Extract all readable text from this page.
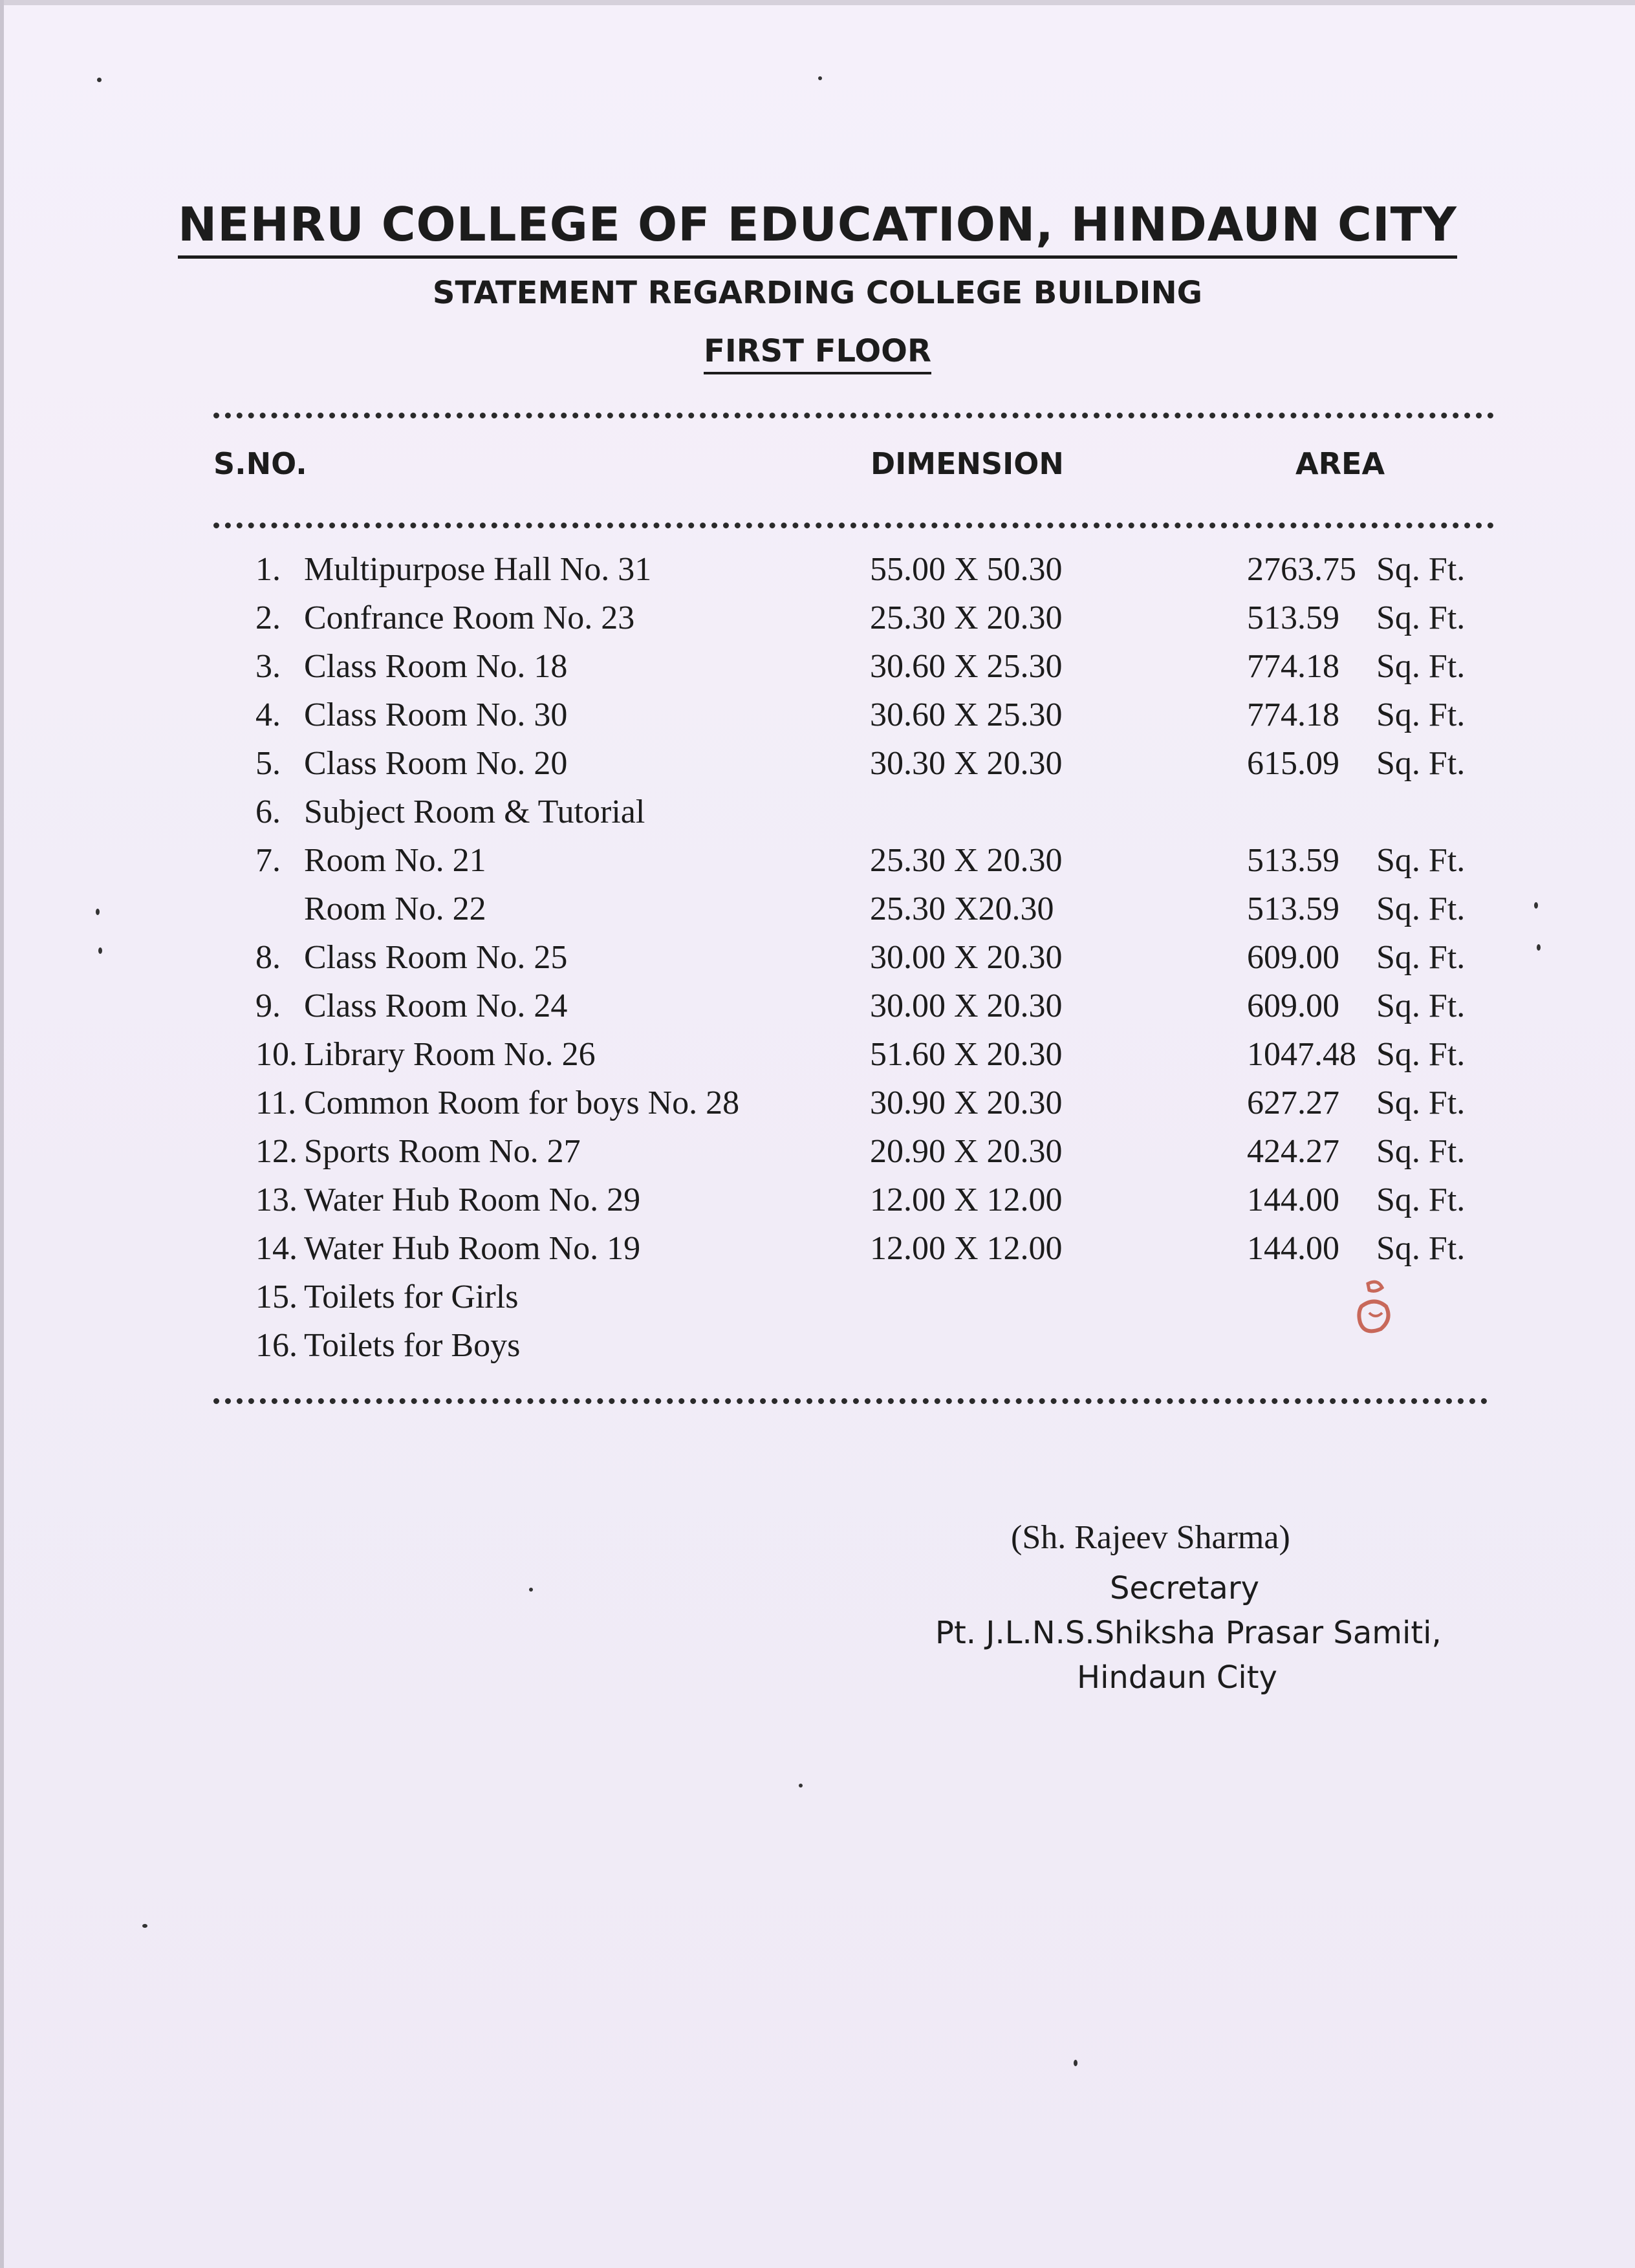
NEHRU COLLEGE OF EDUCATION, HINDAUN CITY
STATEMENT REGARDING COLLEGE BUILDING
FIRST FLOOR
S.NO.	DIMENSION	AREA
1. Multipurpose Hall No. 31	55.00 X 50.30	2763.75 Sq. Ft.
2. Confrance Room No. 23	25.30 X 20.30	513.59 Sq. Ft.
3. Class Room No. 18	30.60 X 25.30	774.18 Sq. Ft.
4. Class Room No. 30	30.60 X 25.30	774.18 Sq. Ft.
5. Class Room No. 20	30.30 X 20.30	615.09 Sq. Ft.
6. Subject Room & Tutorial
7. Room No. 21	25.30 X 20.30	513.59 Sq. Ft.
Room No. 22	25.30 X20.30	513.59 Sq. Ft.
8. Class Room No. 25	30.00 X 20.30	609.00 Sq. Ft.
9. Class Room No. 24	30.00 X 20.30	609.00 Sq. Ft.
10. Library Room No. 26	51.60 X 20.30	1047.48 Sq. Ft.
11. Common Room for boys No. 28	30.90 X 20.30	627.27 Sq. Ft.
12. Sports Room No. 27	20.90 X 20.30	424.27 Sq. Ft.
13. Water Hub Room No. 29	12.00 X 12.00	144.00 Sq. Ft.
14. Water Hub Room No. 19	12.00 X 12.00	144.00 Sq. Ft.
15. Toilets for Girls
16. Toilets for Boys
(Sh. Rajeev Sharma)
Secretary
Pt. J.L.N.S.Shiksha Prasar Samiti,
Hindaun City
